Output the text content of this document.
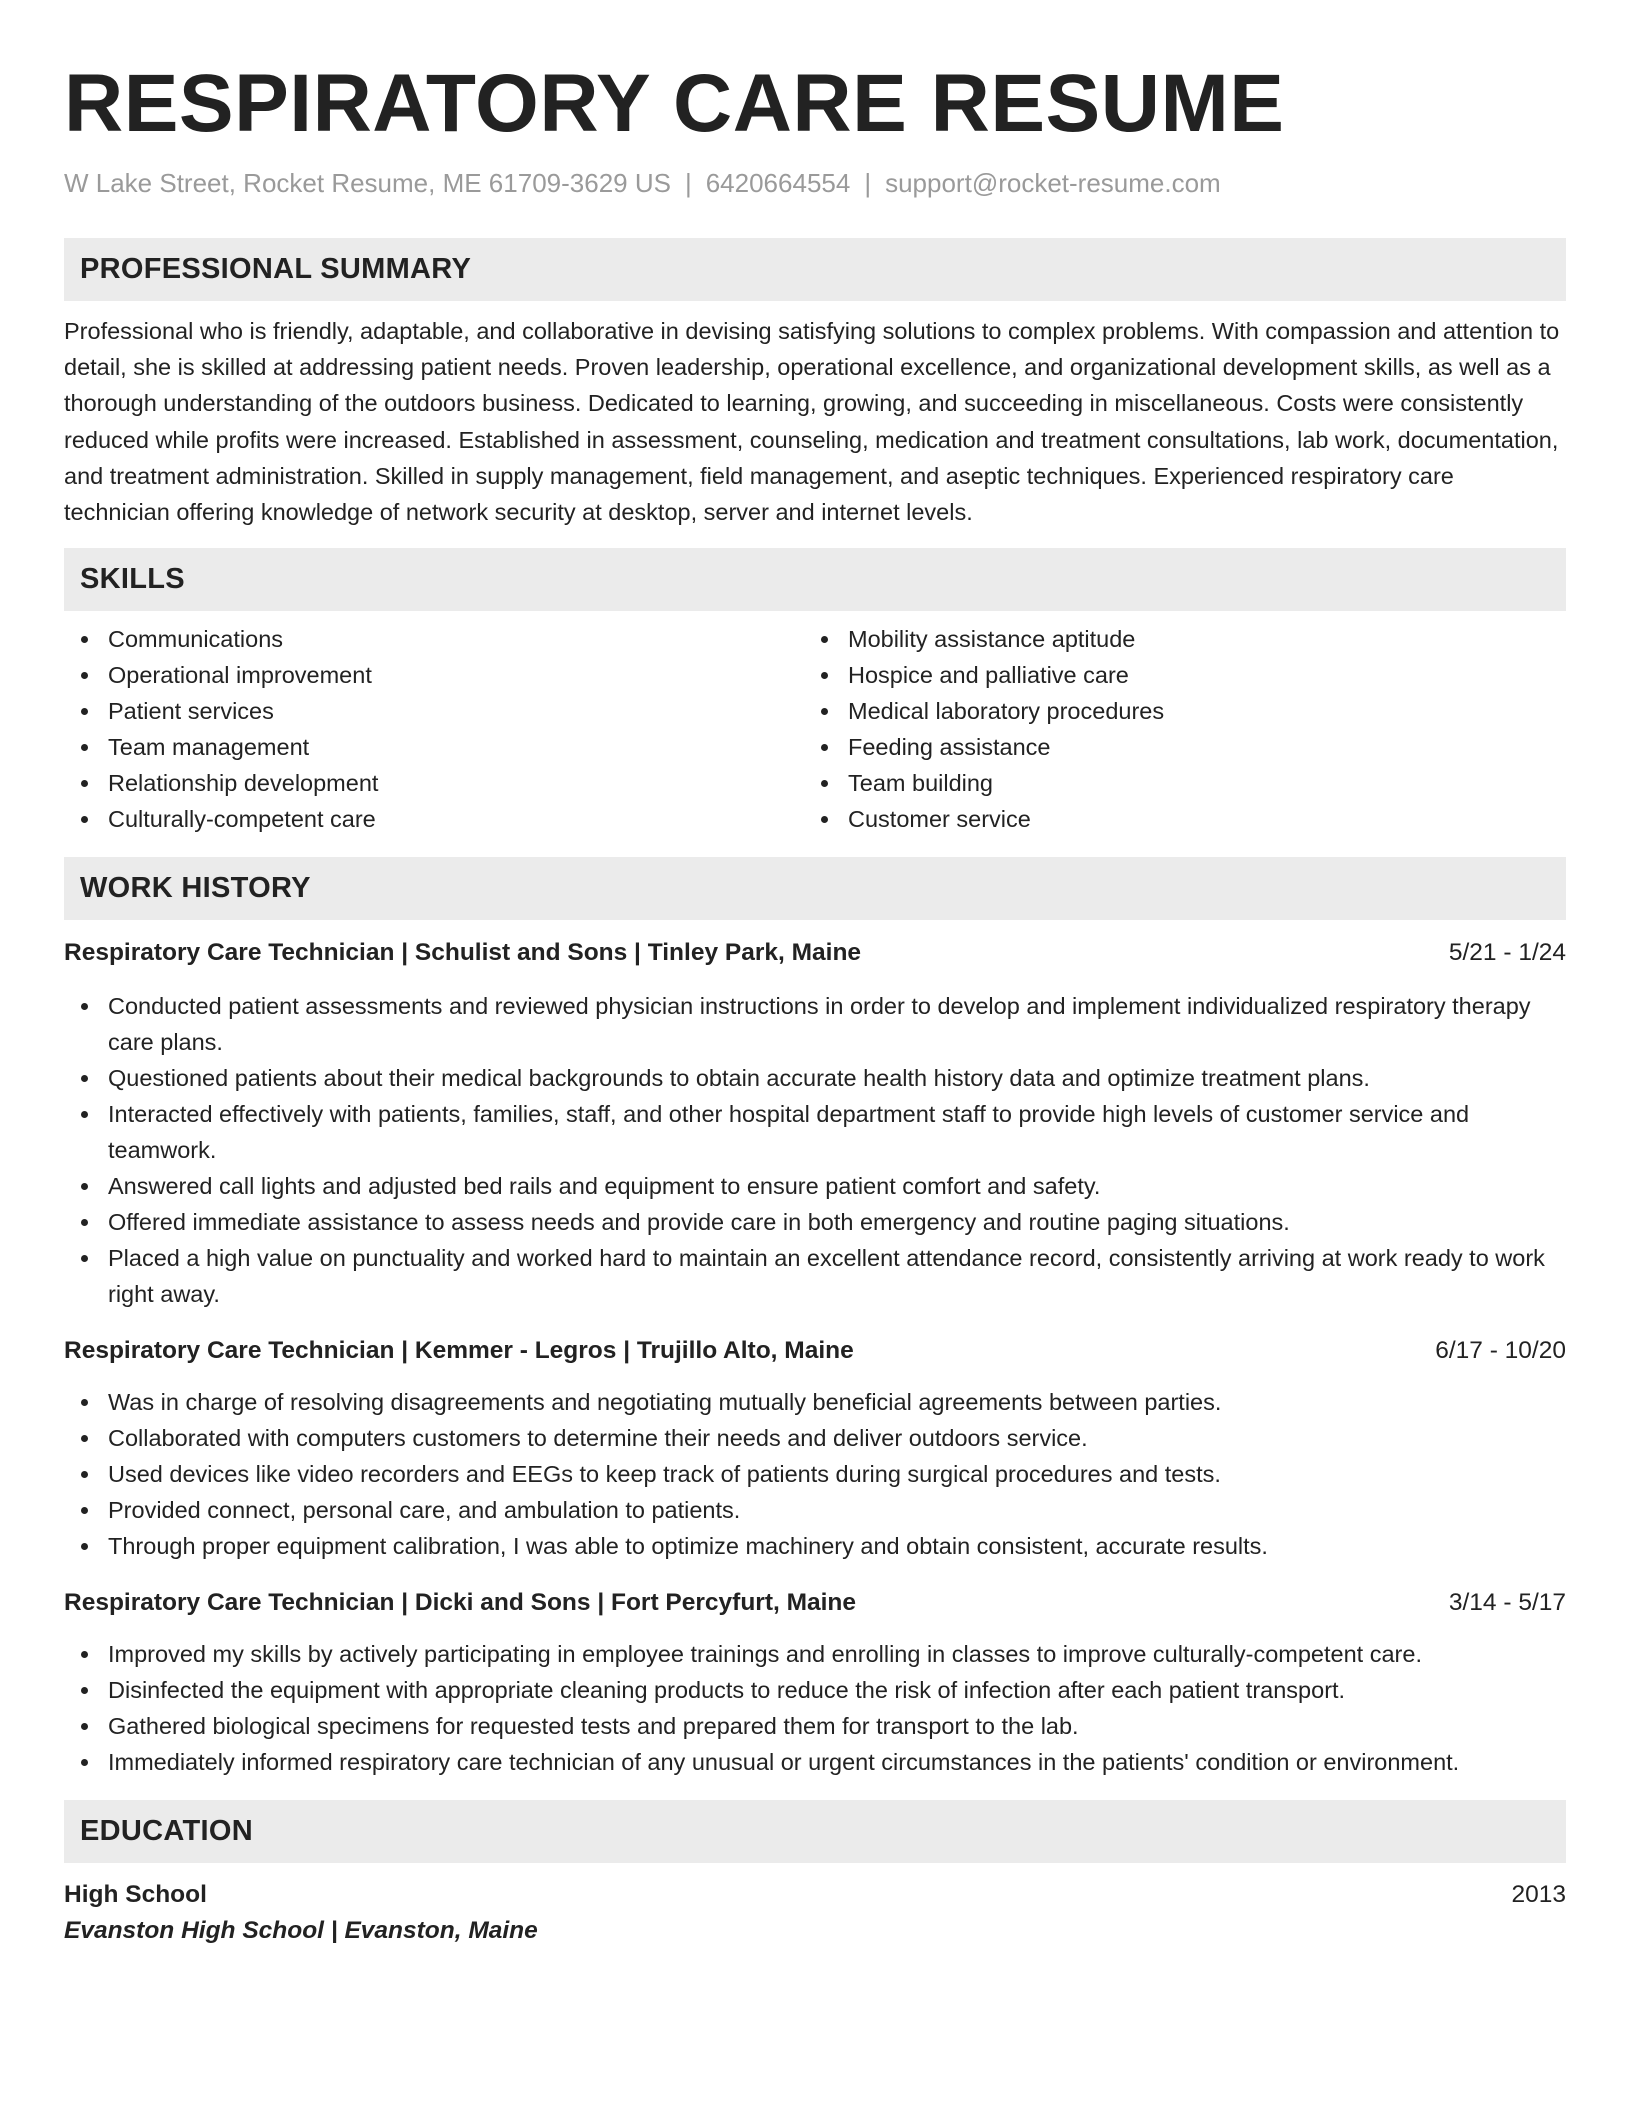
RESPIRATORY CARE RESUME
W Lake Street, Rocket Resume, ME 61709-3629 US | 6420664554 | support@rocket-resume.com
PROFESSIONAL SUMMARY

Professional who is friendly, adaptable, and collaborative in devising satisfying solutions to complex problems. With compassion and attention to detail, she is skilled at addressing patient needs. Proven leadership, operational excellence, and organizational development skills, as well as a thorough understanding of the outdoors business. Dedicated to learning, growing, and succeeding in miscellaneous. Costs were consistently reduced while profits were increased. Established in assessment, counseling, medication and treatment consultations, lab work, documentation, and treatment administration. Skilled in supply management, field management, and aseptic techniques. Experienced respiratory care technician offering knowledge of network security at desktop, server and internet levels.

SKILLS
Communications
Operational improvement
Patient services
Team management
Relationship development
Culturally-competent care
Mobility assistance aptitude
Hospice and palliative care
Medical laboratory procedures
Feeding assistance
Team building
Customer service
WORK HISTORY
Respiratory Care Technician | Schulist and Sons | Tinley Park, Maine	5/21 - 1/24
Conducted patient assessments and reviewed physician instructions in order to develop and implement individualized respiratory therapy care plans.
Questioned patients about their medical backgrounds to obtain accurate health history data and optimize treatment plans.
Interacted effectively with patients, families, staff, and other hospital department staff to provide high levels of customer service and teamwork.
Answered call lights and adjusted bed rails and equipment to ensure patient comfort and safety.
Offered immediate assistance to assess needs and provide care in both emergency and routine paging situations.
Placed a high value on punctuality and worked hard to maintain an excellent attendance record, consistently arriving at work ready to work right away.
Respiratory Care Technician | Kemmer - Legros | Trujillo Alto, Maine	6/17 - 10/20
Was in charge of resolving disagreements and negotiating mutually beneficial agreements between parties.
Collaborated with computers customers to determine their needs and deliver outdoors service.
Used devices like video recorders and EEGs to keep track of patients during surgical procedures and tests.
Provided connect, personal care, and ambulation to patients.
Through proper equipment calibration, I was able to optimize machinery and obtain consistent, accurate results.
Respiratory Care Technician | Dicki and Sons | Fort Percyfurt, Maine	3/14 - 5/17
Improved my skills by actively participating in employee trainings and enrolling in classes to improve culturally-competent care.
Disinfected the equipment with appropriate cleaning products to reduce the risk of infection after each patient transport.
Gathered biological specimens for requested tests and prepared them for transport to the lab.
Immediately informed respiratory care technician of any unusual or urgent circumstances in the patients' condition or environment.
EDUCATION
High School	2013
Evanston High School | Evanston, Maine
